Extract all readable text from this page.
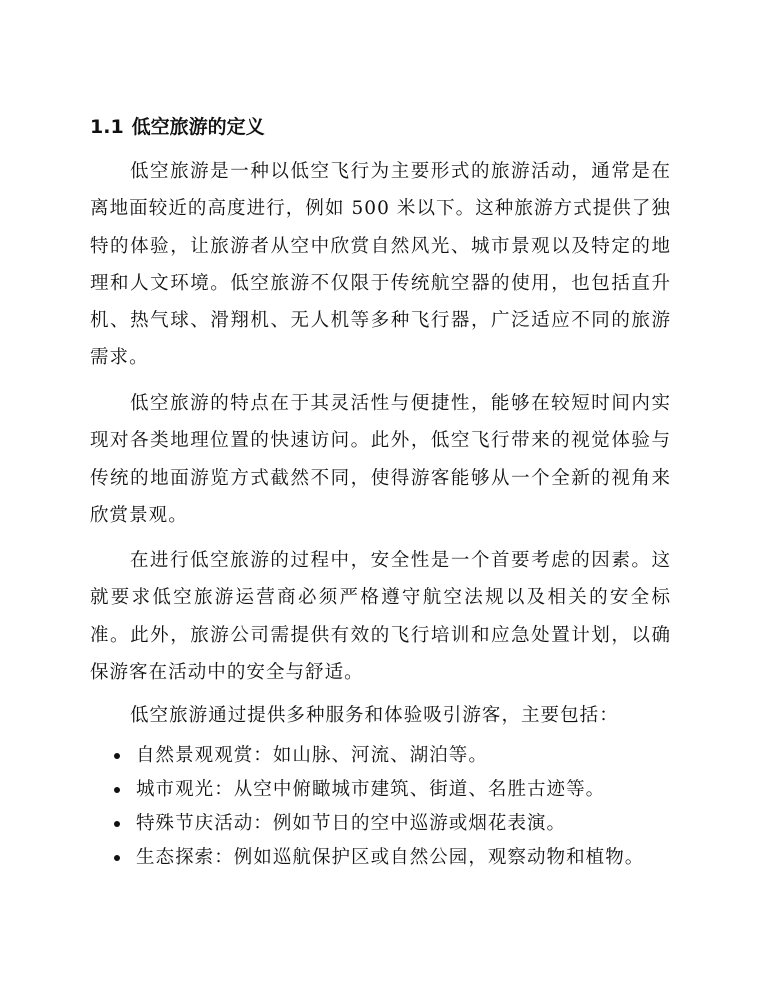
1.1 低空旅游的定义

低空旅游是一种以低空飞行为主要形式的旅游活动，通常是在离地面较近的高度进行，例如 500 米以下。这种旅游方式提供了独特的体验，让旅游者从空中欣赏自然风光、城市景观以及特定的地理和人文环境。低空旅游不仅限于传统航空器的使用，也包括直升机、热气球、滑翔机、无人机等多种飞行器，广泛适应不同的旅游需求。

低空旅游的特点在于其灵活性与便捷性，能够在较短时间内实现对各类地理位置的快速访问。此外，低空飞行带来的视觉体验与传统的地面游览方式截然不同，使得游客能够从一个全新的视角来欣赏景观。

在进行低空旅游的过程中，安全性是一个首要考虑的因素。这就要求低空旅游运营商必须严格遵守航空法规以及相关的安全标准。此外，旅游公司需提供有效的飞行培训和应急处置计划，以确保游客在活动中的安全与舒适。

低空旅游通过提供多种服务和体验吸引游客，主要包括：

自然景观观赏：如山脉、河流、湖泊等。
城市观光：从空中俯瞰城市建筑、街道、名胜古迹等。
特殊节庆活动：例如节日的空中巡游或烟花表演。
生态探索：例如巡航保护区或自然公园，观察动物和植物。
